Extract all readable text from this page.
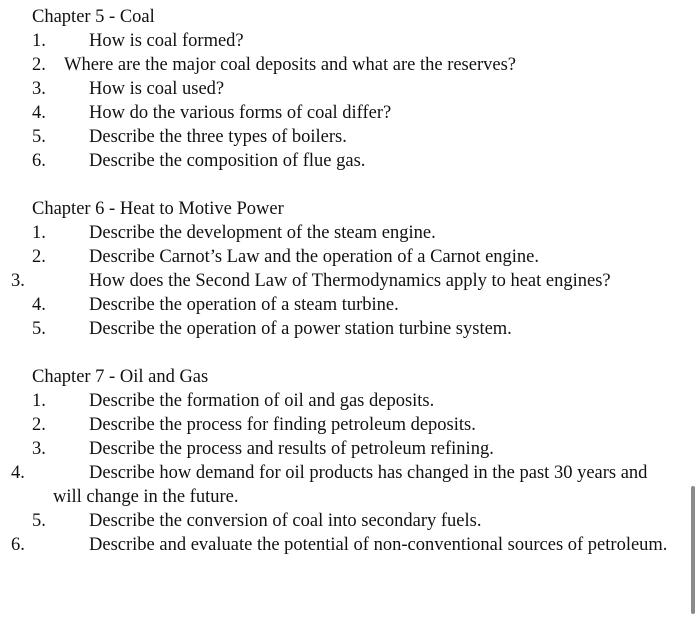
Chapter 5 - Coal
1. How is coal formed?
2. Where are the major coal deposits and what are the reserves?
3. How is coal used?
4. How do the various forms of coal differ?
5. Describe the three types of boilers.
6. Describe the composition of flue gas.
Chapter 6 - Heat to Motive Power
1. Describe the development of the steam engine.
2. Describe Carnot’s Law and the operation of a Carnot engine.
3.	How does the Second Law of Thermodynamics apply to heat engines?
4. Describe the operation of a steam turbine.
5. Describe the operation of a power station turbine system.
Chapter 7 - Oil and Gas
1. Describe the formation of oil and gas deposits.
2. Describe the process for finding petroleum deposits.
3. Describe the process and results of petroleum refining.
4.	Describe how demand for oil products has changed in the past 30 years and will change in the future.
5. Describe the conversion of coal into secondary fuels.
6.	Describe and evaluate the potential of non-conventional sources of petroleum.
